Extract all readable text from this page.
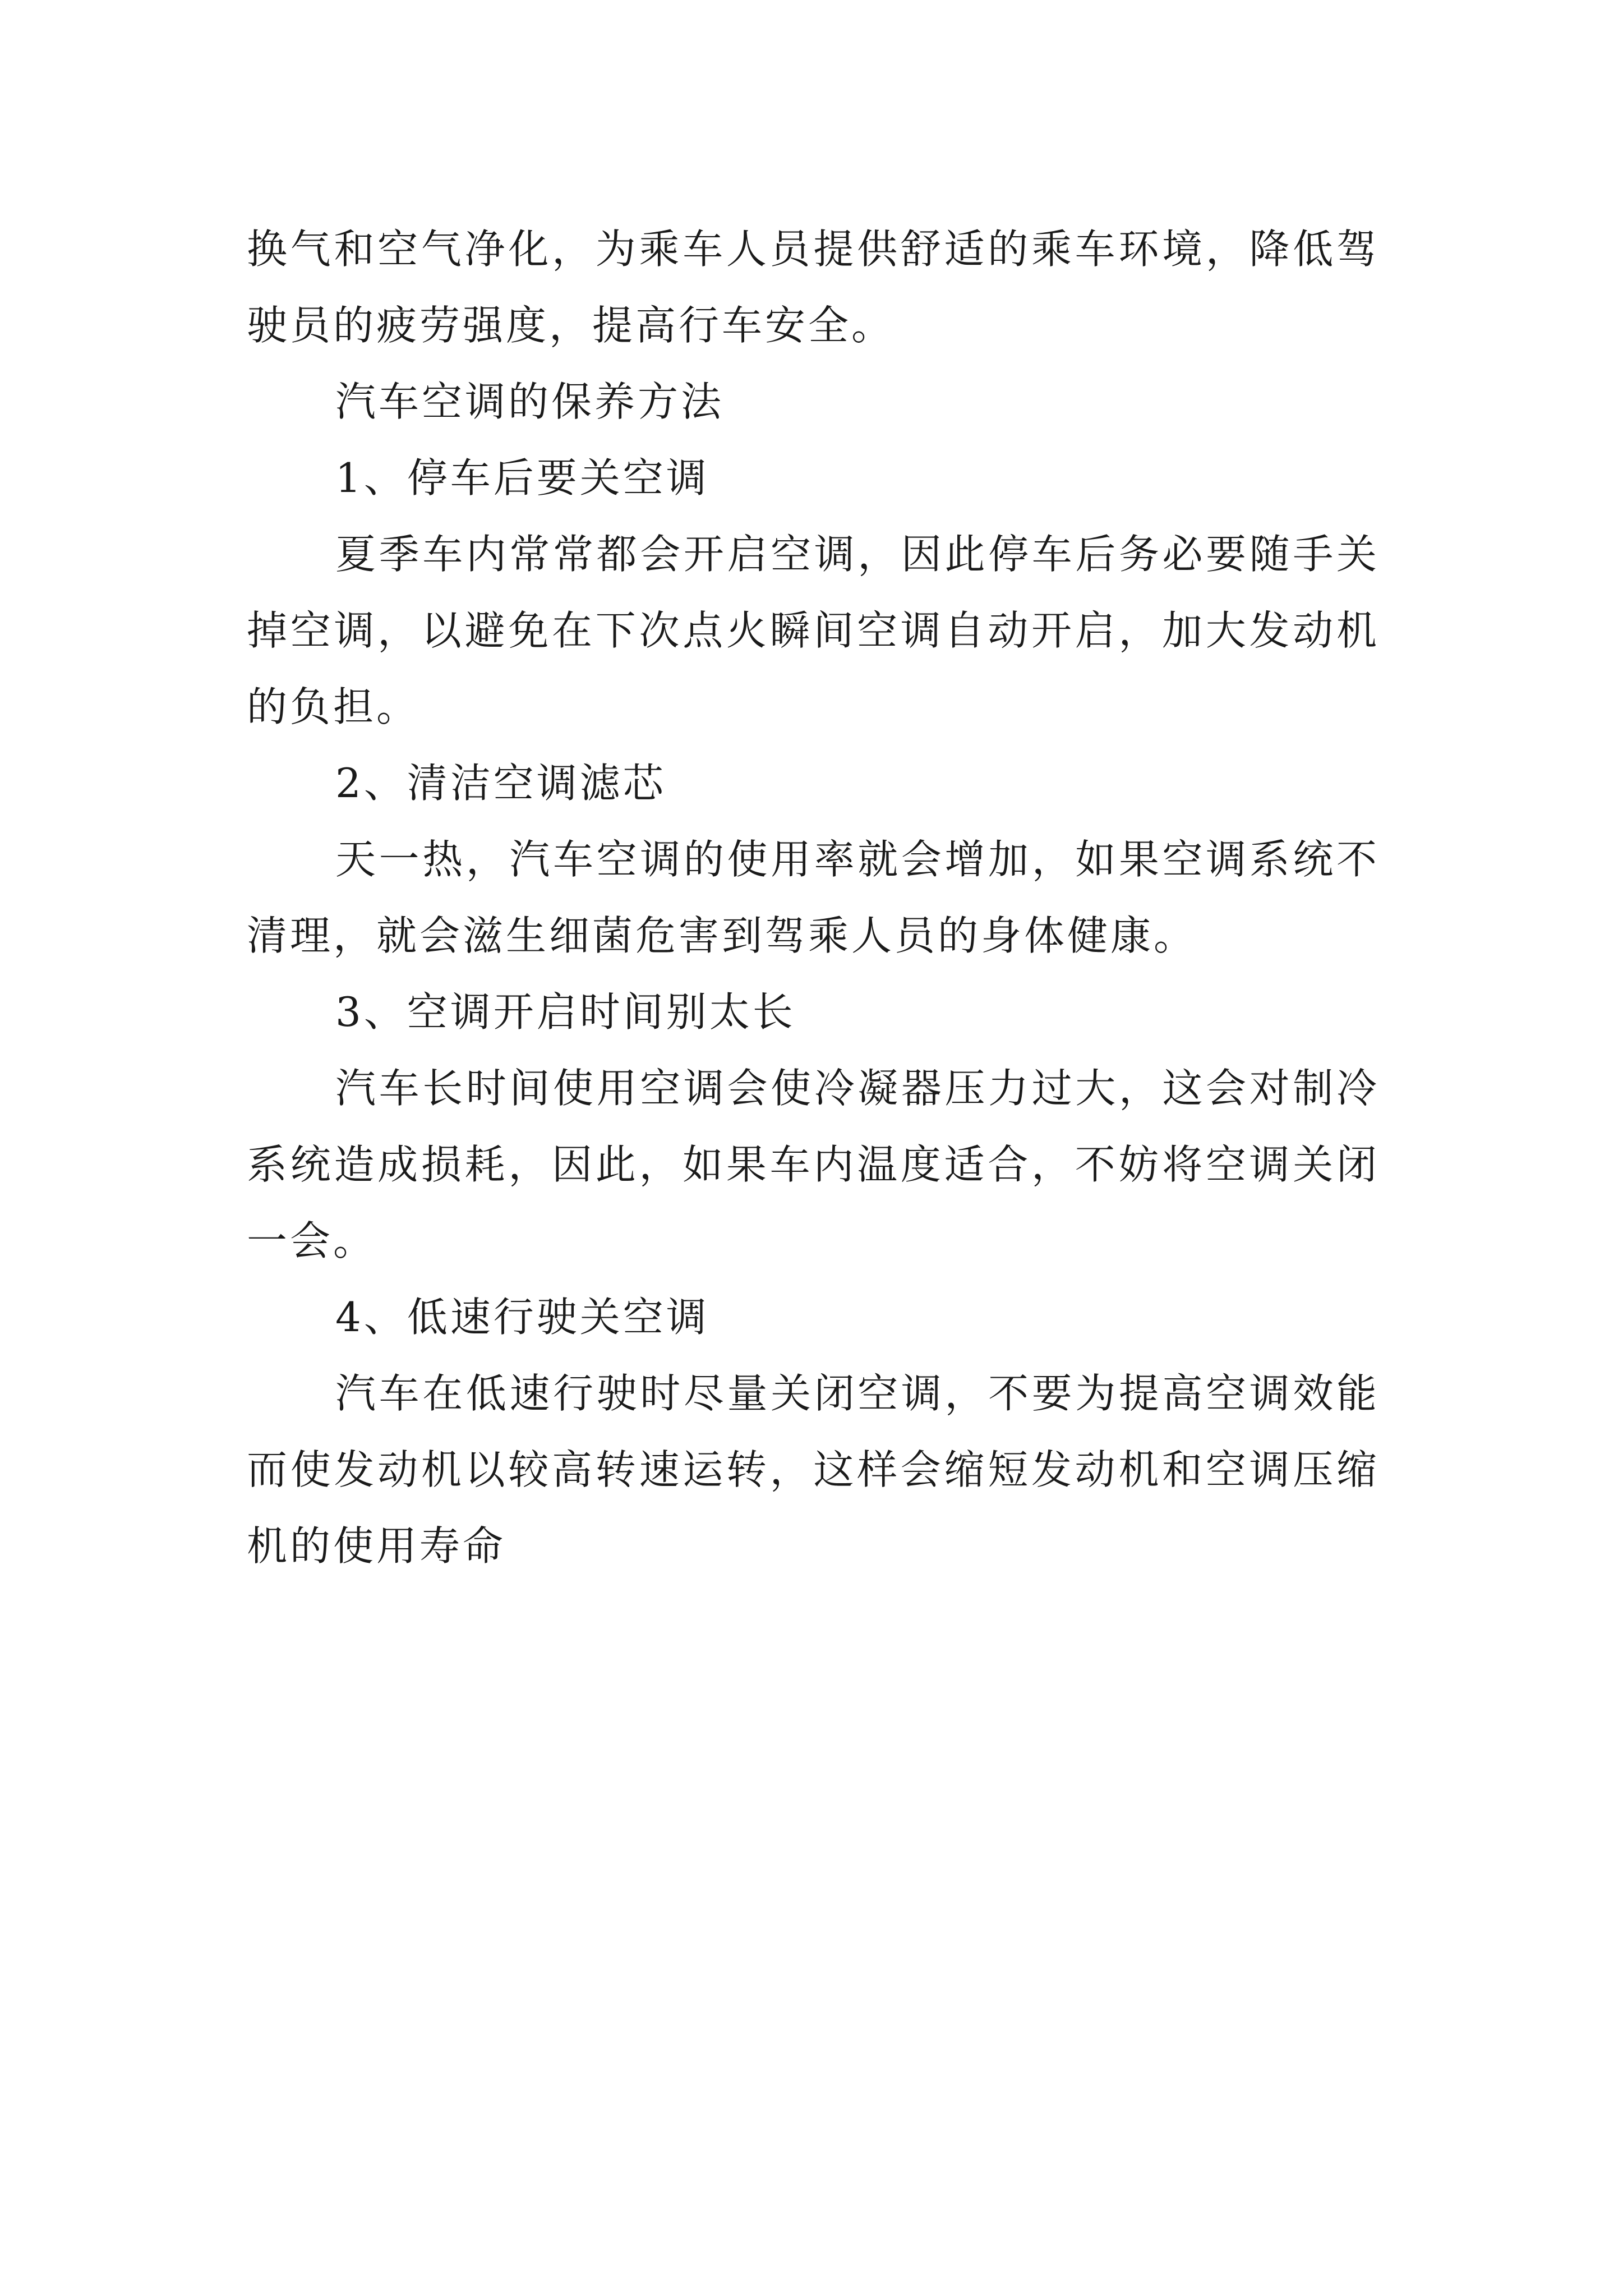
换气和空气净化，为乘车人员提供舒适的乘车环境，降低驾
驶员的疲劳强度，提高行车安全。
汽车空调的保养方法
1、停车后要关空调
夏季车内常常都会开启空调，因此停车后务必要随手关
掉空调，以避免在下次点火瞬间空调自动开启，加大发动机
的负担。
2、清洁空调滤芯
天一热，汽车空调的使用率就会增加，如果空调系统不
清理，就会滋生细菌危害到驾乘人员的身体健康。
3、空调开启时间别太长
汽车长时间使用空调会使冷凝器压力过大，这会对制冷
系统造成损耗，因此，如果车内温度适合，不妨将空调关闭
一会。
4、低速行驶关空调
汽车在低速行驶时尽量关闭空调，不要为提高空调效能
而使发动机以较高转速运转，这样会缩短发动机和空调压缩
机的使用寿命
